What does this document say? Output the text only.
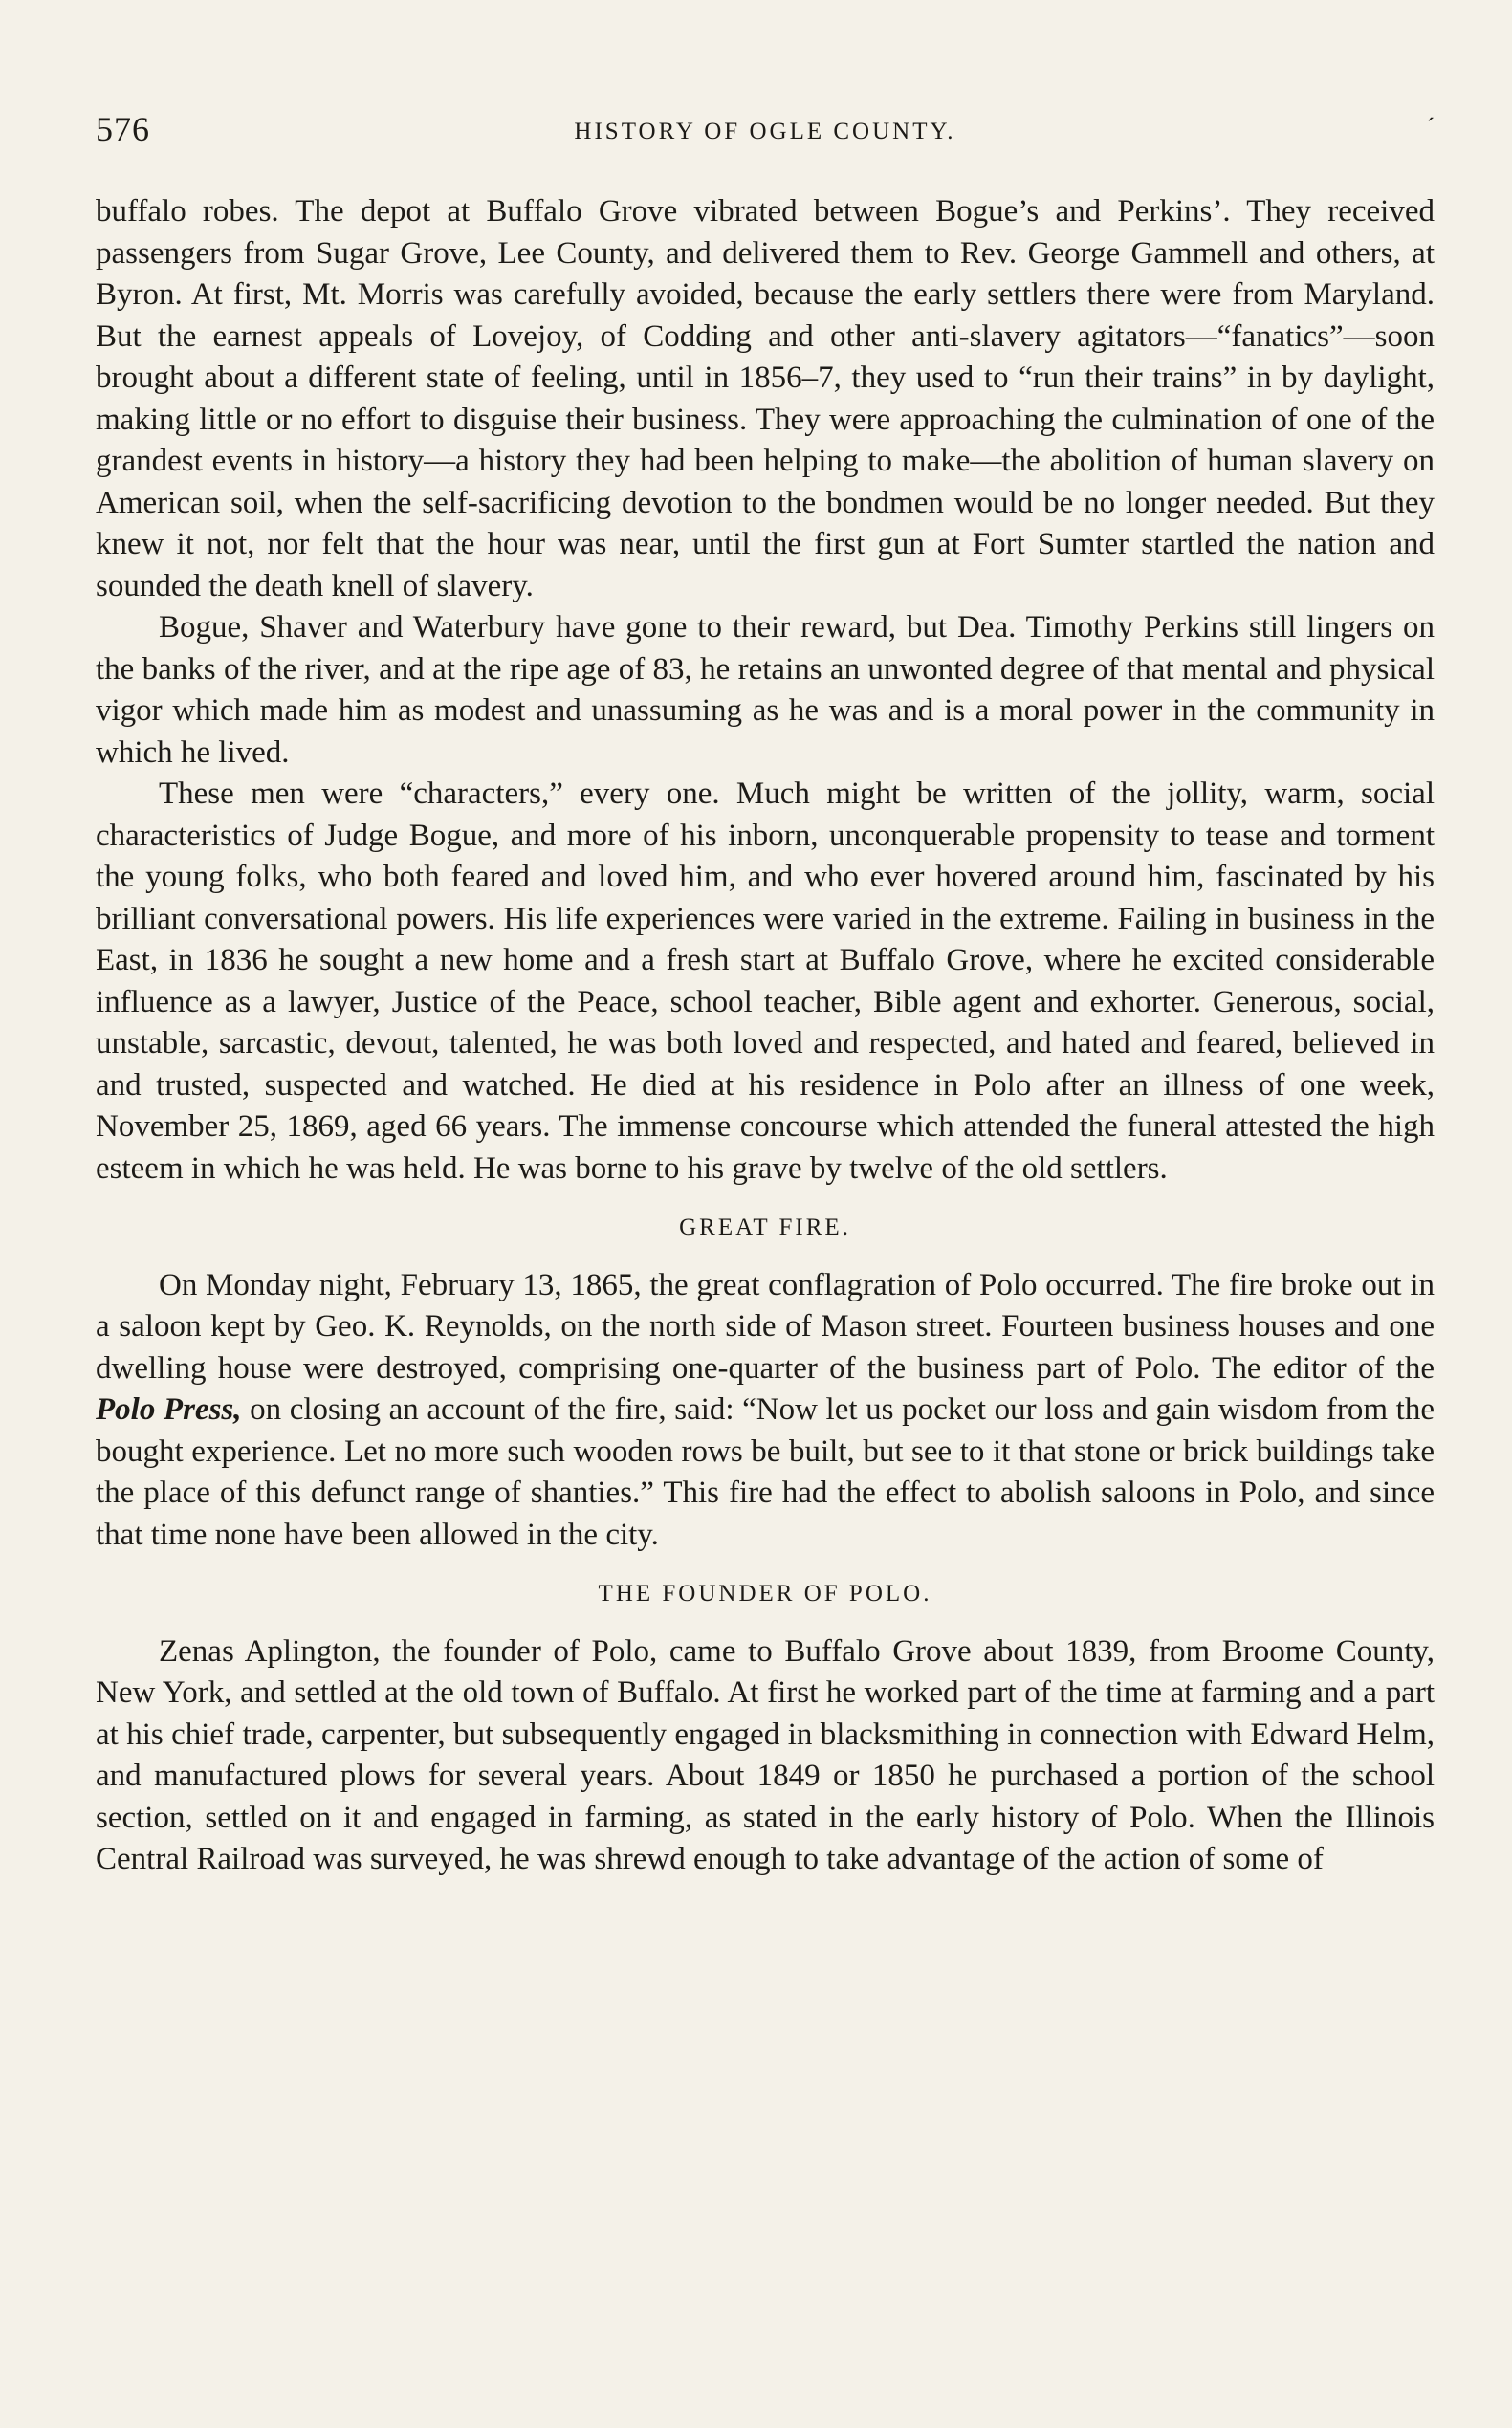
576	HISTORY OF OGLE COUNTY.	´

buffalo robes. The depot at Buffalo Grove vibrated between Bogue’s and Perkins’. They received passengers from Sugar Grove, Lee County, and delivered them to Rev. George Gammell and others, at Byron. At first, Mt. Morris was carefully avoided, because the early settlers there were from Maryland. But the earnest appeals of Lovejoy, of Codding and other anti-slavery agitators—“fanatics”—soon brought about a different state of feeling, until in 1856–7, they used to “run their trains” in by daylight, making little or no effort to disguise their business. They were approaching the culmination of one of the grandest events in history—a history they had been helping to make—the abolition of human slavery on American soil, when the self-sacrificing devotion to the bondmen would be no longer needed. But they knew it not, nor felt that the hour was near, until the first gun at Fort Sumter startled the nation and sounded the death knell of slavery.

Bogue, Shaver and Waterbury have gone to their reward, but Dea. Timothy Perkins still lingers on the banks of the river, and at the ripe age of 83, he retains an unwonted degree of that mental and physical vigor which made him as modest and unassuming as he was and is a moral power in the community in which he lived.

These men were “characters,” every one. Much might be written of the jollity, warm, social characteristics of Judge Bogue, and more of his inborn, unconquerable propensity to tease and torment the young folks, who both feared and loved him, and who ever hovered around him, fascinated by his brilliant conversational powers. His life experiences were varied in the extreme. Failing in business in the East, in 1836 he sought a new home and a fresh start at Buffalo Grove, where he excited considerable influence as a lawyer, Justice of the Peace, school teacher, Bible agent and exhorter. Generous, social, unstable, sarcastic, devout, talented, he was both loved and respected, and hated and feared, believed in and trusted, suspected and watched. He died at his residence in Polo after an illness of one week, November 25, 1869, aged 66 years. The immense concourse which attended the funeral attested the high esteem in which he was held. He was borne to his grave by twelve of the old settlers.

GREAT FIRE.

On Monday night, February 13, 1865, the great conflagration of Polo occurred. The fire broke out in a saloon kept by Geo. K. Reynolds, on the north side of Mason street. Fourteen business houses and one dwelling house were destroyed, comprising one-quarter of the business part of Polo. The editor of the Polo Press, on closing an account of the fire, said: “Now let us pocket our loss and gain wisdom from the bought experience. Let no more such wooden rows be built, but see to it that stone or brick buildings take the place of this defunct range of shanties.” This fire had the effect to abolish saloons in Polo, and since that time none have been allowed in the city.

THE FOUNDER OF POLO.

Zenas Aplington, the founder of Polo, came to Buffalo Grove about 1839, from Broome County, New York, and settled at the old town of Buffalo. At first he worked part of the time at farming and a part at his chief trade, carpenter, but subsequently engaged in blacksmithing in connection with Edward Helm, and manufactured plows for several years. About 1849 or 1850 he purchased a portion of the school section, settled on it and engaged in farming, as stated in the early history of Polo. When the Illinois Central Railroad was surveyed, he was shrewd enough to take advantage of the action of some of
